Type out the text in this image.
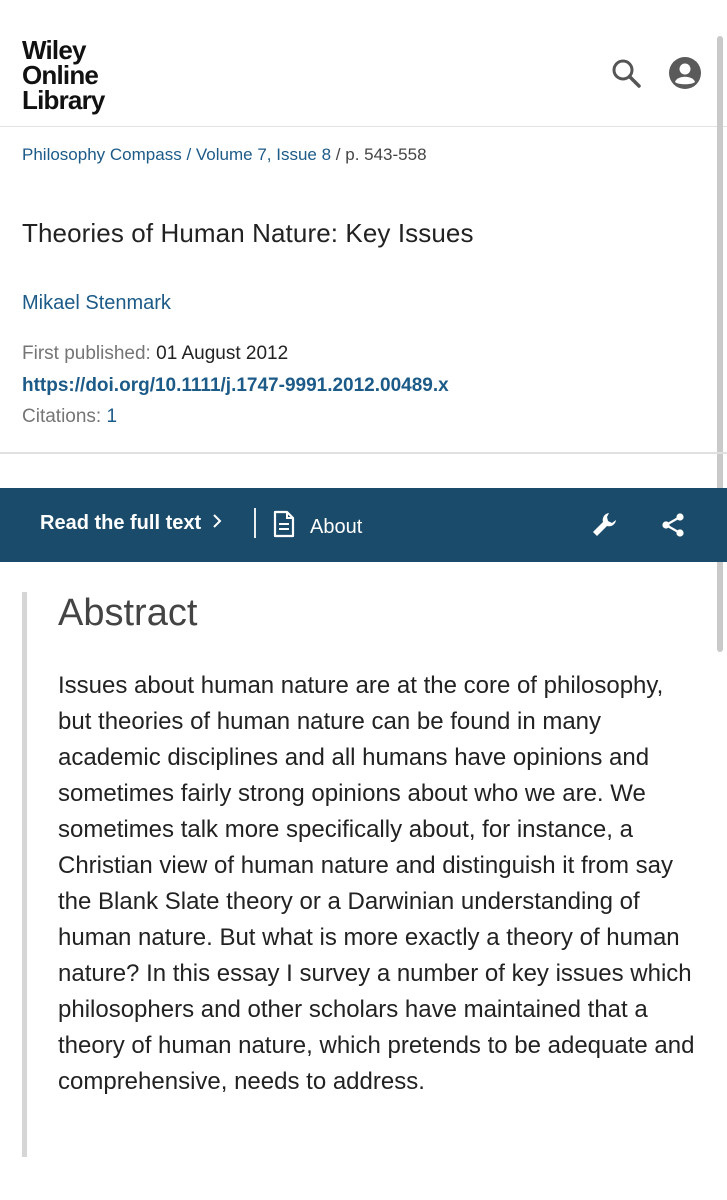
Wiley
Online
Library
Philosophy Compass / Volume 7, Issue 8 / p. 543-558
Theories of Human Nature: Key Issues
Mikael Stenmark
First published: 01 August 2012
https://doi.org/10.1111/j.1747-9991.2012.00489.x
Citations: 1
Read the full text	About
Abstract

Issues about human nature are at the core of philosophy, but theories of human nature can be found in many academic disciplines and all humans have opinions and sometimes fairly strong opinions about who we are. We sometimes talk more specifically about, for instance, a Christian view of human nature and distinguish it from say the Blank Slate theory or a Darwinian understanding of human nature. But what is more exactly a theory of human nature? In this essay I survey a number of key issues which philosophers and other scholars have maintained that a theory of human nature, which pretends to be adequate and comprehensive, needs to address.
